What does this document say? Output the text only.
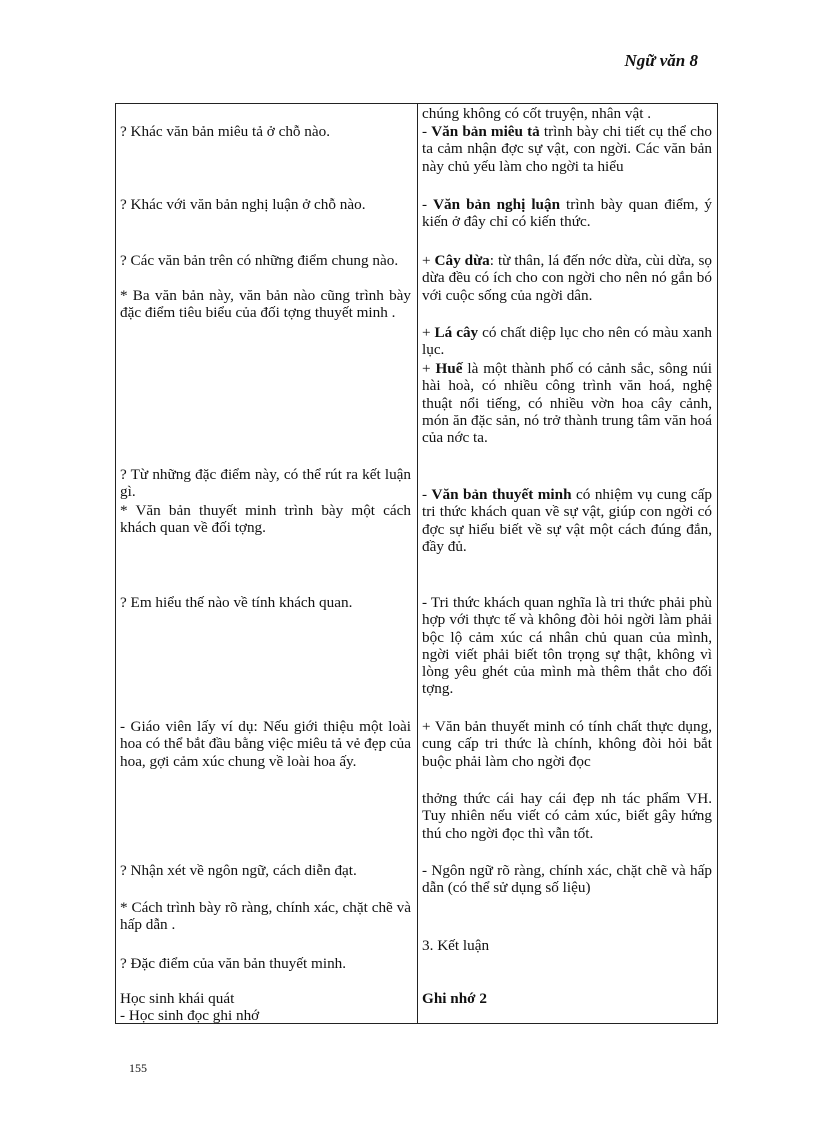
Ngữ văn 8
? Khác văn bản miêu tả ở chỗ nào.
? Khác với văn bản nghị luận ở chỗ nào.
? Các văn bản trên có những điểm chung nào.
* Ba văn bản này, văn bản nào cũng trình bày đặc điểm tiêu biểu của đối tợng thuyết minh .
? Từ những đặc điểm này, có thể rút ra kết luận gì.
* Văn bản thuyết minh trình bày một cách khách quan về đối tợng.
? Em hiểu thế nào về tính khách quan.
- Giáo viên lấy ví dụ: Nếu giới thiệu một loài hoa có thể bắt đầu bằng việc miêu tả vẻ đẹp của hoa, gợi cảm xúc chung về loài hoa ấy.
? Nhận xét về ngôn ngữ, cách diễn đạt.
* Cách trình bày rõ ràng, chính xác, chặt chẽ và hấp dẫn .
? Đặc điểm của văn bản thuyết minh.
Học sinh khái quát
- Học sinh đọc ghi nhớ
chúng không có cốt truyện, nhân vật .
- Văn bản miêu tả trình bày chi tiết cụ thể cho ta cảm nhận đợc sự vật, con ngời. Các văn bản này chủ yếu làm cho ngời ta hiểu
- Văn bản nghị luận trình bày quan điểm, ý kiến ở đây chỉ có kiến thức.
+ Cây dừa: từ thân, lá đến nớc dừa, cùi dừa, sọ dừa đều có ích cho con ngời cho nên nó gắn bó với cuộc sống của ngời dân.
+ Lá cây có chất diệp lục cho nên có màu xanh lục.
+ Huế là một thành phố có cảnh sắc, sông núi hài hoà, có nhiều công trình văn hoá, nghệ thuật nổi tiếng, có nhiều vờn hoa cây cảnh, món ăn đặc sản, nó trở thành trung tâm văn hoá của nớc ta.
- Văn bản thuyết minh có nhiệm vụ cung cấp tri thức khách quan về sự vật, giúp con ngời có đợc sự hiểu biết về sự vật một cách đúng đắn, đầy đủ.
- Tri thức khách quan nghĩa là tri thức phải phù hợp với thực tế và không đòi hỏi ngời làm phải bộc lộ cảm xúc cá nhân chủ quan của mình, ngời viết phải biết tôn trọng sự thật, không vì lòng yêu ghét của mình mà thêm thắt cho đối tợng.
+ Văn bản thuyết minh có tính chất thực dụng, cung cấp tri thức là chính, không đòi hỏi bắt buộc phải làm cho ngời đọc
thởng thức cái hay cái đẹp nh tác phẩm VH. Tuy nhiên nếu viết có cảm xúc, biết gây hứng thú cho ngời đọc thì vẫn tốt.
- Ngôn ngữ rõ ràng, chính xác, chặt chẽ và hấp dẫn (có thể sử dụng số liệu)
3. Kết luận
Ghi nhớ 2
155
